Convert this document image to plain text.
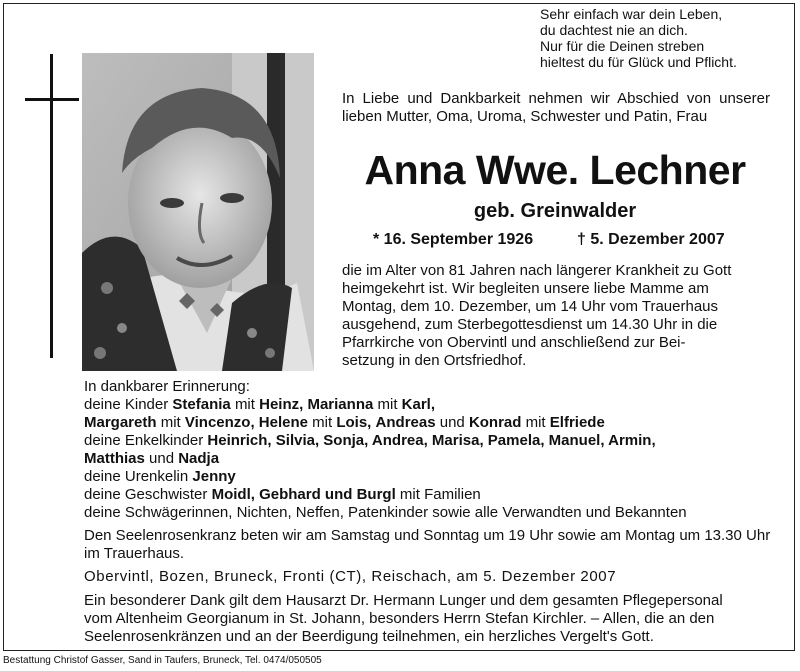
Sehr einfach war dein Leben,
du dachtest nie an dich.
Nur für die Deinen streben
hieltest du für Glück und Pflicht.
In Liebe und Dankbarkeit nehmen wir Abschied von unserer lieben Mutter, Oma, Uroma, Schwester und Patin, Frau
Anna Wwe. Lechner
geb. Greinwalder
* 16. September 1926	† 5. Dezember 2007
die im Alter von 81 Jahren nach längerer Krankheit zu Gott
heimgekehrt ist. Wir begleiten unsere liebe Mamme am
Montag, dem 10. Dezember, um 14 Uhr vom Trauerhaus
ausgehend, zum Sterbegottesdienst um 14.30 Uhr in die
Pfarrkirche von Obervintl und anschließend zur Bei-
setzung in den Ortsfriedhof.
In dankbarer Erinnerung:
deine Kinder Stefania mit Heinz, Marianna mit Karl,
Margareth mit Vincenzo, Helene mit Lois, Andreas und Konrad mit Elfriede
deine Enkelkinder Heinrich, Silvia, Sonja, Andrea, Marisa, Pamela, Manuel, Armin,
Matthias und Nadja
deine Urenkelin Jenny
deine Geschwister Moidl, Gebhard und Burgl mit Familien
deine Schwägerinnen, Nichten, Neffen, Patenkinder sowie alle Verwandten und Bekannten
Den Seelenrosenkranz beten wir am Samstag und Sonntag um 19 Uhr sowie am Montag um 13.30 Uhr im Trauerhaus.
Obervintl, Bozen, Bruneck, Fronti (CT), Reischach, am 5. Dezember 2007
Ein besonderer Dank gilt dem Hausarzt Dr. Hermann Lunger und dem gesamten Pflegepersonal
vom Altenheim Georgianum in St. Johann, besonders Herrn Stefan Kirchler. – Allen, die an den
Seelenrosenkränzen und an der Beerdigung teilnehmen, ein herzliches Vergelt's Gott.
Bestattung Christof Gasser, Sand in Taufers, Bruneck, Tel. 0474/050505
